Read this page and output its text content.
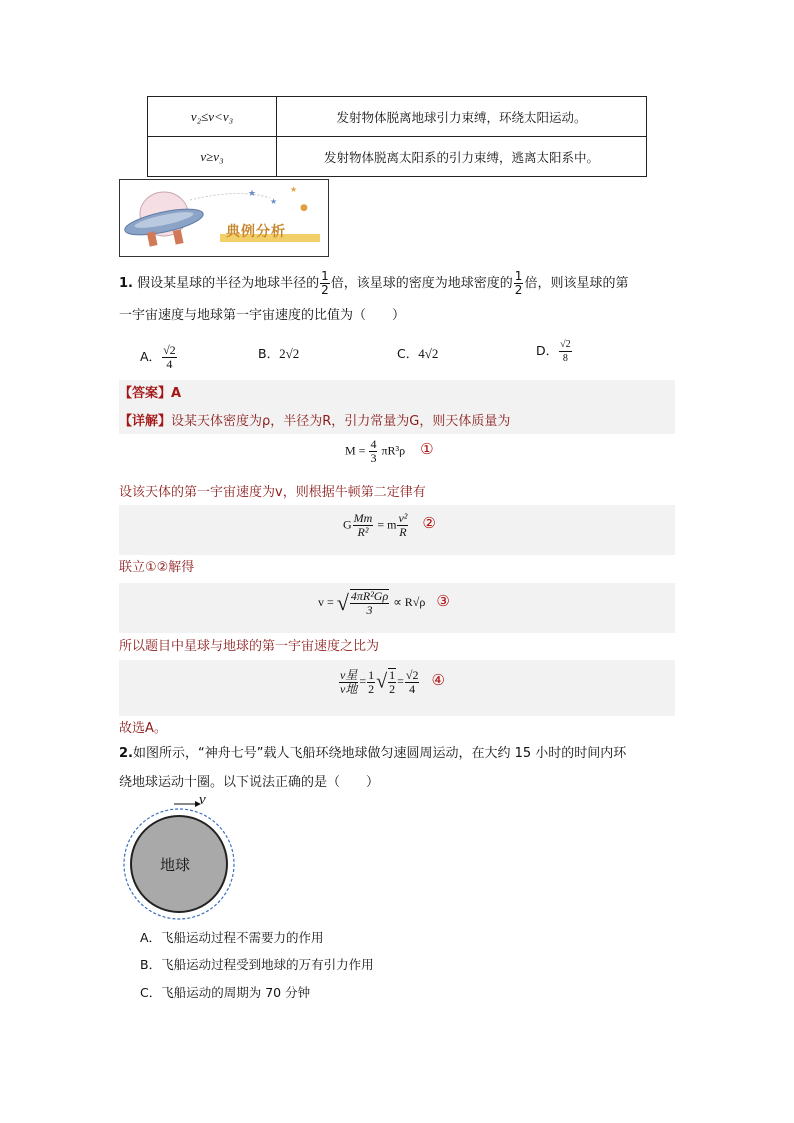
v₂≤v<v₃	发射物体脱离地球引力束缚，环绕太阳运动。
v≥v₃	发射物体脱离太阳系的引力束缚，逃离太阳系中。
★
★
★
●
典例分析
1. 假设某星球的半径为地球半径的 $\frac{1}{2}$ 倍，该星球的密度为地球密度的 $\frac{1}{2}$ 倍，则该星球的第
一宇宙速度与地球第一宇宙速度的比值为（　　）
A． $\frac{√2}{4}$	B．2√2	C．4√2	D． $\frac{√2}{8}$
【答案】A
【详解】设某天体密度为ρ，半径为R，引力常量为G，则天体质量为
$M = \frac{4}{3} \pi R^3\rho$ ①
设该天体的第一宇宙速度为v，则根据牛顿第二定律有
G $\frac{Mm}{\text{R²}} = m \frac{\text{v²}}{R}$ ②
联立①②解得
v = √ $\frac{\text{4πR²Gρ}}{3} \propto R√\rho$ ③
所以题目中星球与地球的第一宇宙速度之比为
$\frac{\text{v星}}{\text{v地}} = \frac{1}{2}$ √ $\frac{1}{2} = \frac{√2}{4}$ ④
故选A。
2.如图所示，“神舟七号”载人飞船环绕地球做匀速圆周运动，在大约 15 小时的时间内环
绕地球运动十圈。以下说法正确的是（　　）
v
地球
A．飞船运动过程不需要力的作用
B．飞船运动过程受到地球的万有引力作用
C．飞船运动的周期为 70 分钟
